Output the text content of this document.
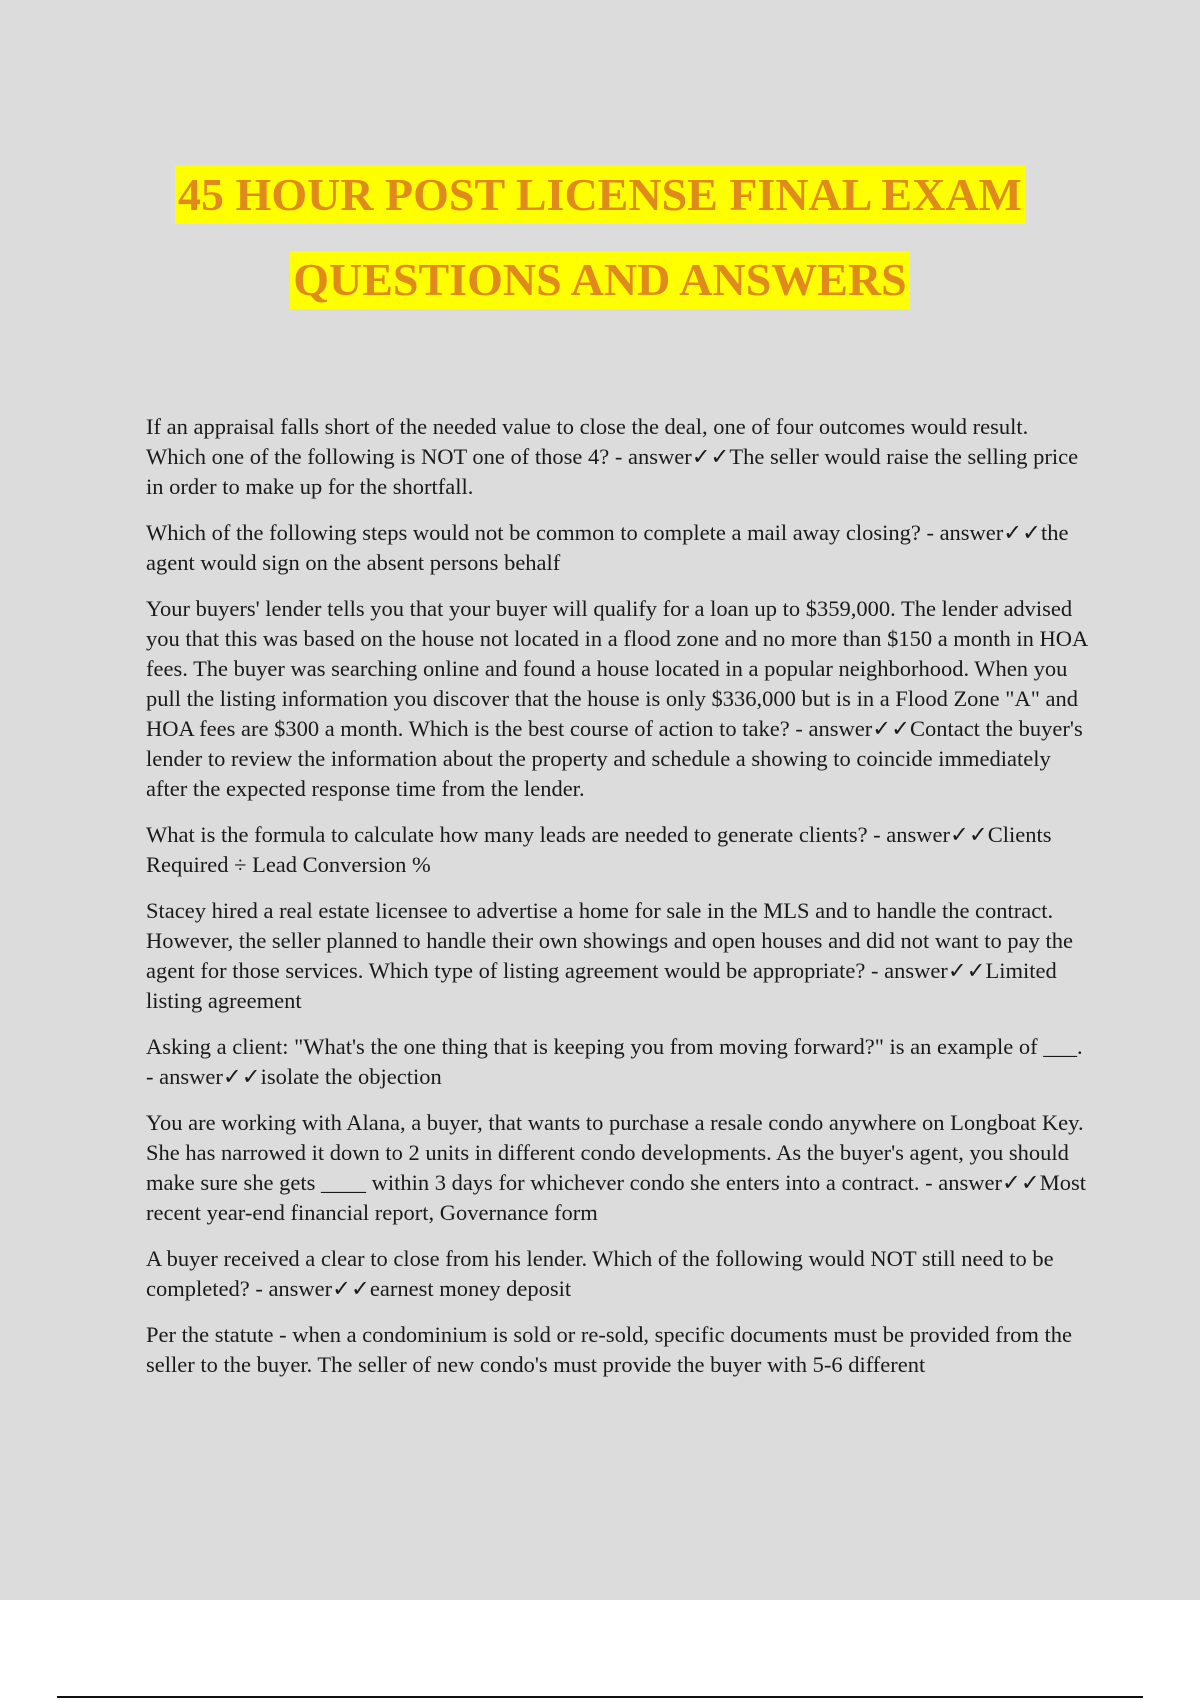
45 HOUR POST LICENSE FINAL EXAM
QUESTIONS AND ANSWERS

If an appraisal falls short of the needed value to close the deal, one of four outcomes would result. Which one of the following is NOT one of those 4? - answer✓✓The seller would raise the selling price in order to make up for the shortfall.

Which of the following steps would not be common to complete a mail away closing? - answer✓✓the agent would sign on the absent persons behalf

Your buyers' lender tells you that your buyer will qualify for a loan up to $359,000. The lender advised you that this was based on the house not located in a flood zone and no more than $150 a month in HOA fees. The buyer was searching online and found a house located in a popular neighborhood. When you pull the listing information you discover that the house is only $336,000 but is in a Flood Zone "A" and HOA fees are $300 a month. Which is the best course of action to take? - answer✓✓Contact the buyer's lender to review the information about the property and schedule a showing to coincide immediately after the expected response time from the lender.

What is the formula to calculate how many leads are needed to generate clients? - answer✓✓Clients Required ÷ Lead Conversion %

Stacey hired a real estate licensee to advertise a home for sale in the MLS and to handle the contract. However, the seller planned to handle their own showings and open houses and did not want to pay the agent for those services. Which type of listing agreement would be appropriate? - answer✓✓Limited listing agreement

Asking a client: "What's the one thing that is keeping you from moving forward?" is an example of ___. - answer✓✓isolate the objection

You are working with Alana, a buyer, that wants to purchase a resale condo anywhere on Longboat Key. She has narrowed it down to 2 units in different condo developments. As the buyer's agent, you should make sure she gets ____ within 3 days for whichever condo she enters into a contract. - answer✓✓Most recent year-end financial report, Governance form

A buyer received a clear to close from his lender. Which of the following would NOT still need to be completed? - answer✓✓earnest money deposit

Per the statute - when a condominium is sold or re-sold, specific documents must be provided from the seller to the buyer. The seller of new condo's must provide the buyer with 5-6 different
